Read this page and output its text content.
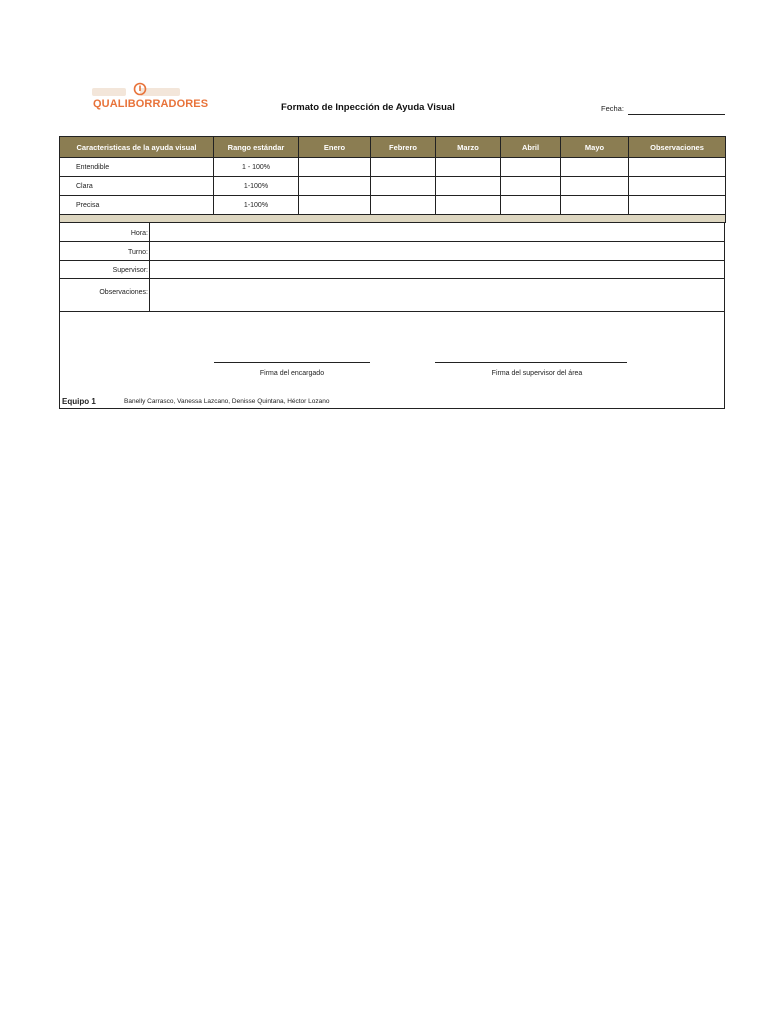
QUALIBORRADORES	Formato de Inpección de Ayuda Visual	Fecha:
Caracteristicas de la ayuda visual	Rango estándar	Enero	Febrero	Marzo	Abril	Mayo	Observaciones
Entendible	1 - 100%						
Clara	1-100%						
Precisa	1-100%						

Hora:
Turno:
Supervisor:
Observaciones:
Firma del encargado	Firma del supervisor del área
Equipo 1	Banelly Carrasco, Vanessa Lazcano, Denisse Quintana, Héctor Lozano
